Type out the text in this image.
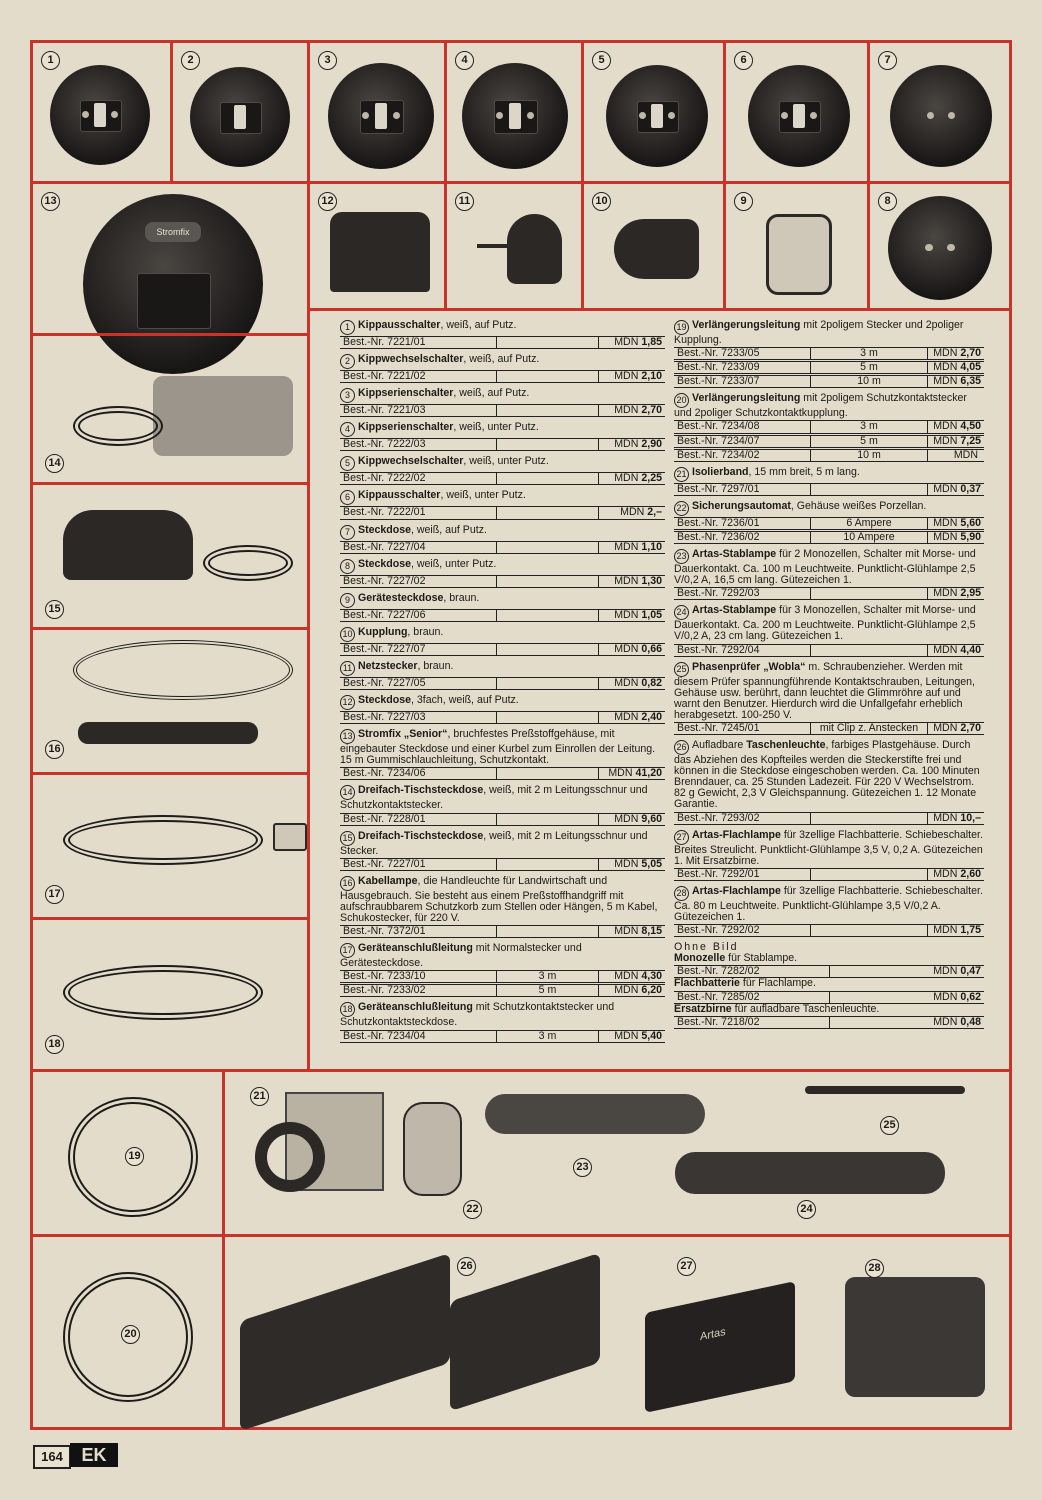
1	2	3	4	5	6	7
13
Stromfix
12	11	10	9	8
14
15
16
17
18
1 Kippausschalter, weiß, auf Putz.
Best.-Nr. 7221/01	MDN 1,85
2 Kippwechselschalter, weiß, auf Putz.
Best.-Nr. 7221/02	MDN 2,10
3 Kippserienschalter, weiß, auf Putz.
Best.-Nr. 7221/03	MDN 2,70
4 Kippserienschalter, weiß, unter Putz.
Best.-Nr. 7222/03	MDN 2,90
5 Kippwechselschalter, weiß, unter Putz.
Best.-Nr. 7222/02	MDN 2,25
6 Kippausschalter, weiß, unter Putz.
Best.-Nr. 7222/01	MDN 2,–
7 Steckdose, weiß, auf Putz.
Best.-Nr. 7227/04	MDN 1,10
8 Steckdose, weiß, unter Putz.
Best.-Nr. 7227/02	MDN 1,30
9 Gerätesteckdose, braun.
Best.-Nr. 7227/06	MDN 1,05
10 Kupplung, braun.
Best.-Nr. 7227/07	MDN 0,66
11 Netzstecker, braun.
Best.-Nr. 7227/05	MDN 0,82
12 Steckdose, 3fach, weiß, auf Putz.
Best.-Nr. 7227/03	MDN 2,40
13 Stromfix „Senior“, bruchfestes Preßstoffgehäuse, mit eingebauter Steckdose und einer Kurbel zum Einrollen der Leitung. 15 m Gummischlauchleitung, Schutzkontakt.
Best.-Nr. 7234/06	MDN 41,20
14 Dreifach-Tischsteckdose, weiß, mit 2 m Leitungsschnur und Schutzkontaktstecker.
Best.-Nr. 7228/01	MDN 9,60
15 Dreifach-Tischsteckdose, weiß, mit 2 m Leitungsschnur und Stecker.
Best.-Nr. 7227/01	MDN 5,05
16 Kabellampe, die Handleuchte für Landwirtschaft und Hausgebrauch. Sie besteht aus einem Preßstoffhandgriff mit aufschraubbarem Schutzkorb zum Stellen oder Hängen, 5 m Kabel, Schukostecker, für 220 V.
Best.-Nr. 7372/01	MDN 8,15
17 Geräteanschlußleitung mit Normalstecker und Gerätesteckdose.
Best.-Nr. 7233/10	3 m	MDN 4,30
Best.-Nr. 7233/02	5 m	MDN 6,20
18 Geräteanschlußleitung mit Schutzkontaktstecker und Schutzkontaktsteckdose.
Best.-Nr. 7234/04	3 m	MDN 5,40
19 Verlängerungsleitung mit 2poligem Stecker und 2poliger Kupplung.
Best.-Nr. 7233/05	3 m	MDN 2,70
Best.-Nr. 7233/09	5 m	MDN 4,05
Best.-Nr. 7233/07	10 m	MDN 6,35
20 Verlängerungsleitung mit 2poligem Schutzkontaktstecker und 2poliger Schutzkontaktkupplung.
Best.-Nr. 7234/08	3 m	MDN 4,50
Best.-Nr. 7234/07	5 m	MDN 7,25
Best.-Nr. 7234/02	10 m	MDN
21 Isolierband, 15 mm breit, 5 m lang.
Best.-Nr. 7297/01	MDN 0,37
22 Sicherungsautomat, Gehäuse weißes Porzellan.
Best.-Nr. 7236/01	6 Ampere	MDN 5,60
Best.-Nr. 7236/02	10 Ampere	MDN 5,90
23 Artas-Stablampe für 2 Monozellen, Schalter mit Morse- und Dauerkontakt. Ca. 100 m Leuchtweite. Punktlicht-Glühlampe 2,5 V/0,2 A, 16,5 cm lang. Gütezeichen 1.
Best.-Nr. 7292/03	MDN 2,95
24 Artas-Stablampe für 3 Monozellen, Schalter mit Morse- und Dauerkontakt. Ca. 200 m Leuchtweite. Punktlicht-Glühlampe 2,5 V/0,2 A, 23 cm lang. Gütezeichen 1.
Best.-Nr. 7292/04	MDN 4,40
25 Phasenprüfer „Wobla“ m. Schraubenzieher. Werden mit diesem Prüfer spannungführende Kontaktschrauben, Leitungen, Gehäuse usw. berührt, dann leuchtet die Glimmröhre auf und warnt den Benutzer. Hierdurch wird die Unfallgefahr erheblich herabgesetzt. 100-250 V.
Best.-Nr. 7245/01	mit Clip z. Anstecken	MDN 2,70
26 Aufladbare Taschenleuchte, farbiges Plastgehäuse. Durch das Abziehen des Kopfteiles werden die Steckerstifte frei und können in die Steckdose eingeschoben werden. Ca. 100 Minuten Brenndauer, ca. 25 Stunden Ladezeit. Für 220 V Wechselstrom. 82 g Gewicht, 2,3 V Gleichspannung. Gütezeichen 1. 12 Monate Garantie.
Best.-Nr. 7293/02	MDN 10,–
27 Artas-Flachlampe für 3zellige Flachbatterie. Schiebeschalter. Breites Streulicht. Punktlicht-Glühlampe 3,5 V, 0,2 A. Gütezeichen 1. Mit Ersatzbirne.
Best.-Nr. 7292/01	MDN 2,60
28 Artas-Flachlampe für 3zellige Flachbatterie. Schiebeschalter. Ca. 80 m Leuchtweite. Punktlicht-Glühlampe 3,5 V/0,2 A. Gütezeichen 1.
Best.-Nr. 7292/02	MDN 1,75
Ohne Bild
Monozelle für Stablampe.
Best.-Nr. 7282/02	MDN 0,47
Flachbatterie für Flachlampe.
Best.-Nr. 7285/02	MDN 0,62
Ersatzbirne für aufladbare Taschenleuchte.
Best.-Nr. 7218/02	MDN 0,48
19
20
21
22
23
24
25
26
Artas
27	28
164	EK
